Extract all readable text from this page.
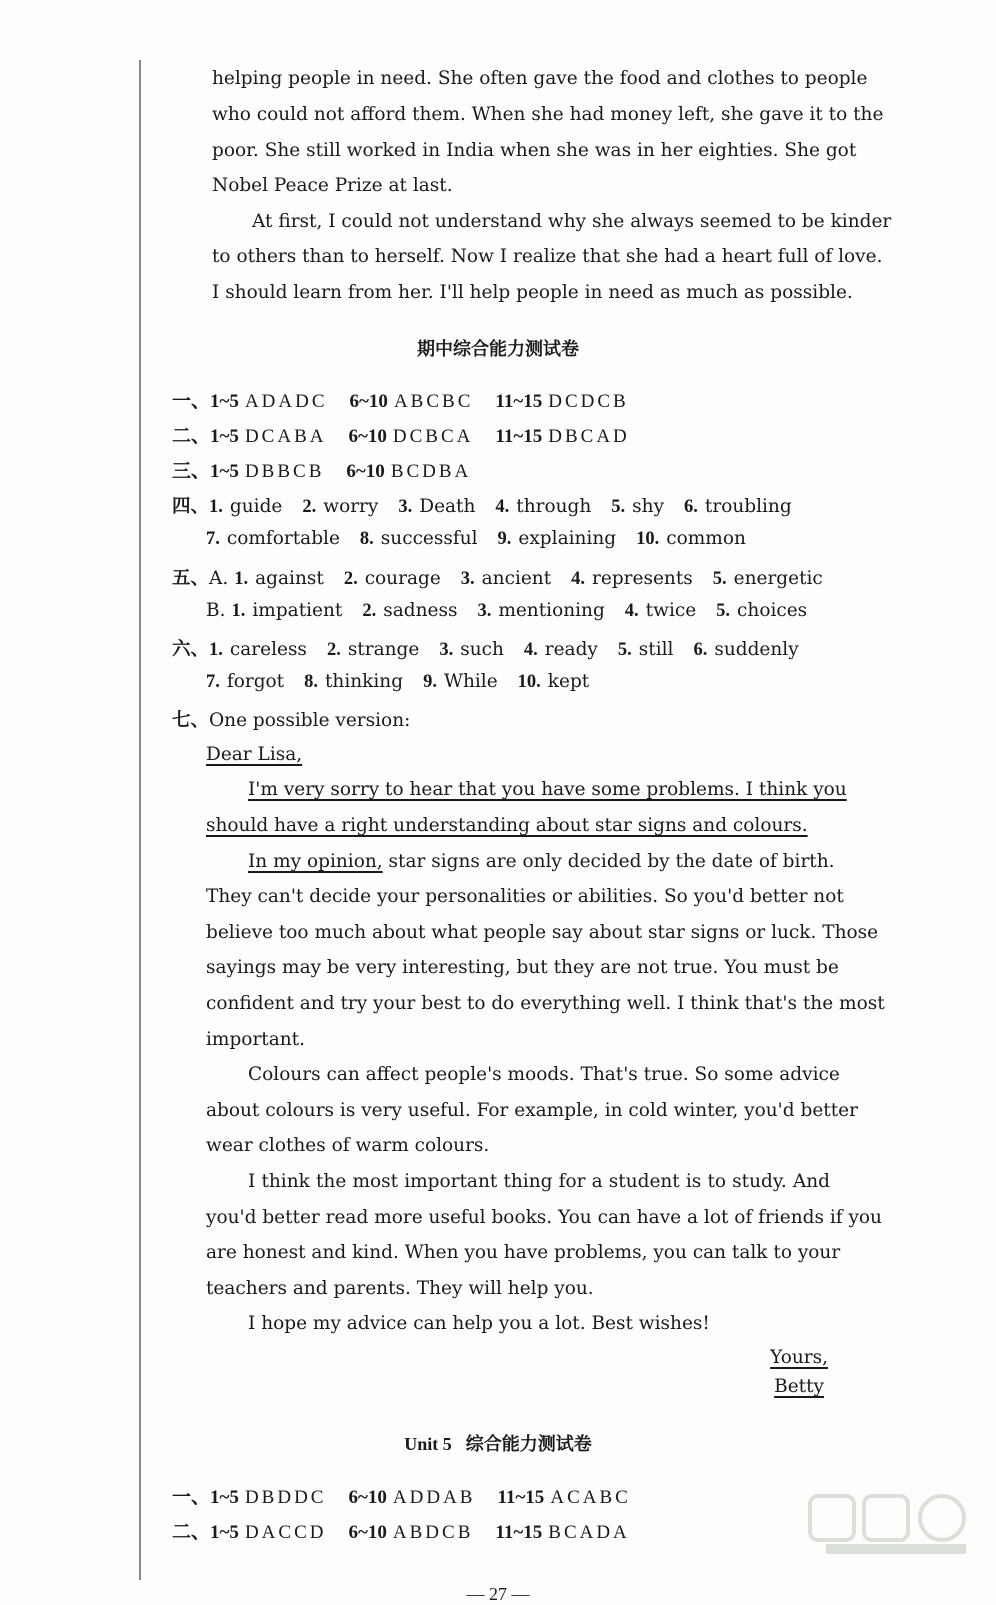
helping people in need. She often gave the food and clothes to people
who could not afford them. When she had money left, she gave it to the
poor. She still worked in India when she was in her eighties. She got
Nobel Peace Prize at last.
At first, I could not understand why she always seemed to be kinder
to others than to herself. Now I realize that she had a heart full of love.
I should learn from her. I'll help people in need as much as possible.
期中综合能力测试卷
一、1~5 ADADC 6~10 ABCBC 11~15 DCDCB
二、1~5 DCABA 6~10 DCBCA 11~15 DBCAD
三、1~5 DBBCB 6~10 BCDBA
四、1. guide 2. worry 3. Death 4. through 5. shy 6. troubling
7. comfortable 8. successful 9. explaining 10. common
五、A. 1. against 2. courage 3. ancient 4. represents 5. energetic
B. 1. impatient 2. sadness 3. mentioning 4. twice 5. choices
六、1. careless 2. strange 3. such 4. ready 5. still 6. suddenly
7. forgot 8. thinking 9. While 10. kept
七、One possible version:
Dear Lisa,
I'm very sorry to hear that you have some problems. I think you
should have a right understanding about star signs and colours.
In my opinion, star signs are only decided by the date of birth.
They can't decide your personalities or abilities. So you'd better not
believe too much about what people say about star signs or luck. Those
sayings may be very interesting, but they are not true. You must be
confident and try your best to do everything well. I think that's the most
important.
Colours can affect people's moods. That's true. So some advice
about colours is very useful. For example, in cold winter, you'd better
wear clothes of warm colours.
I think the most important thing for a student is to study. And
you'd better read more useful books. You can have a lot of friends if you
are honest and kind. When you have problems, you can talk to your
teachers and parents. They will help you.
I hope my advice can help you a lot. Best wishes!
Yours,
Betty
Unit 5 综合能力测试卷
一、1~5 DBDDC 6~10 ADDAB 11~15 ACABC
二、1~5 DACCD 6~10 ABDCB 11~15 BCADA
— 27 —
